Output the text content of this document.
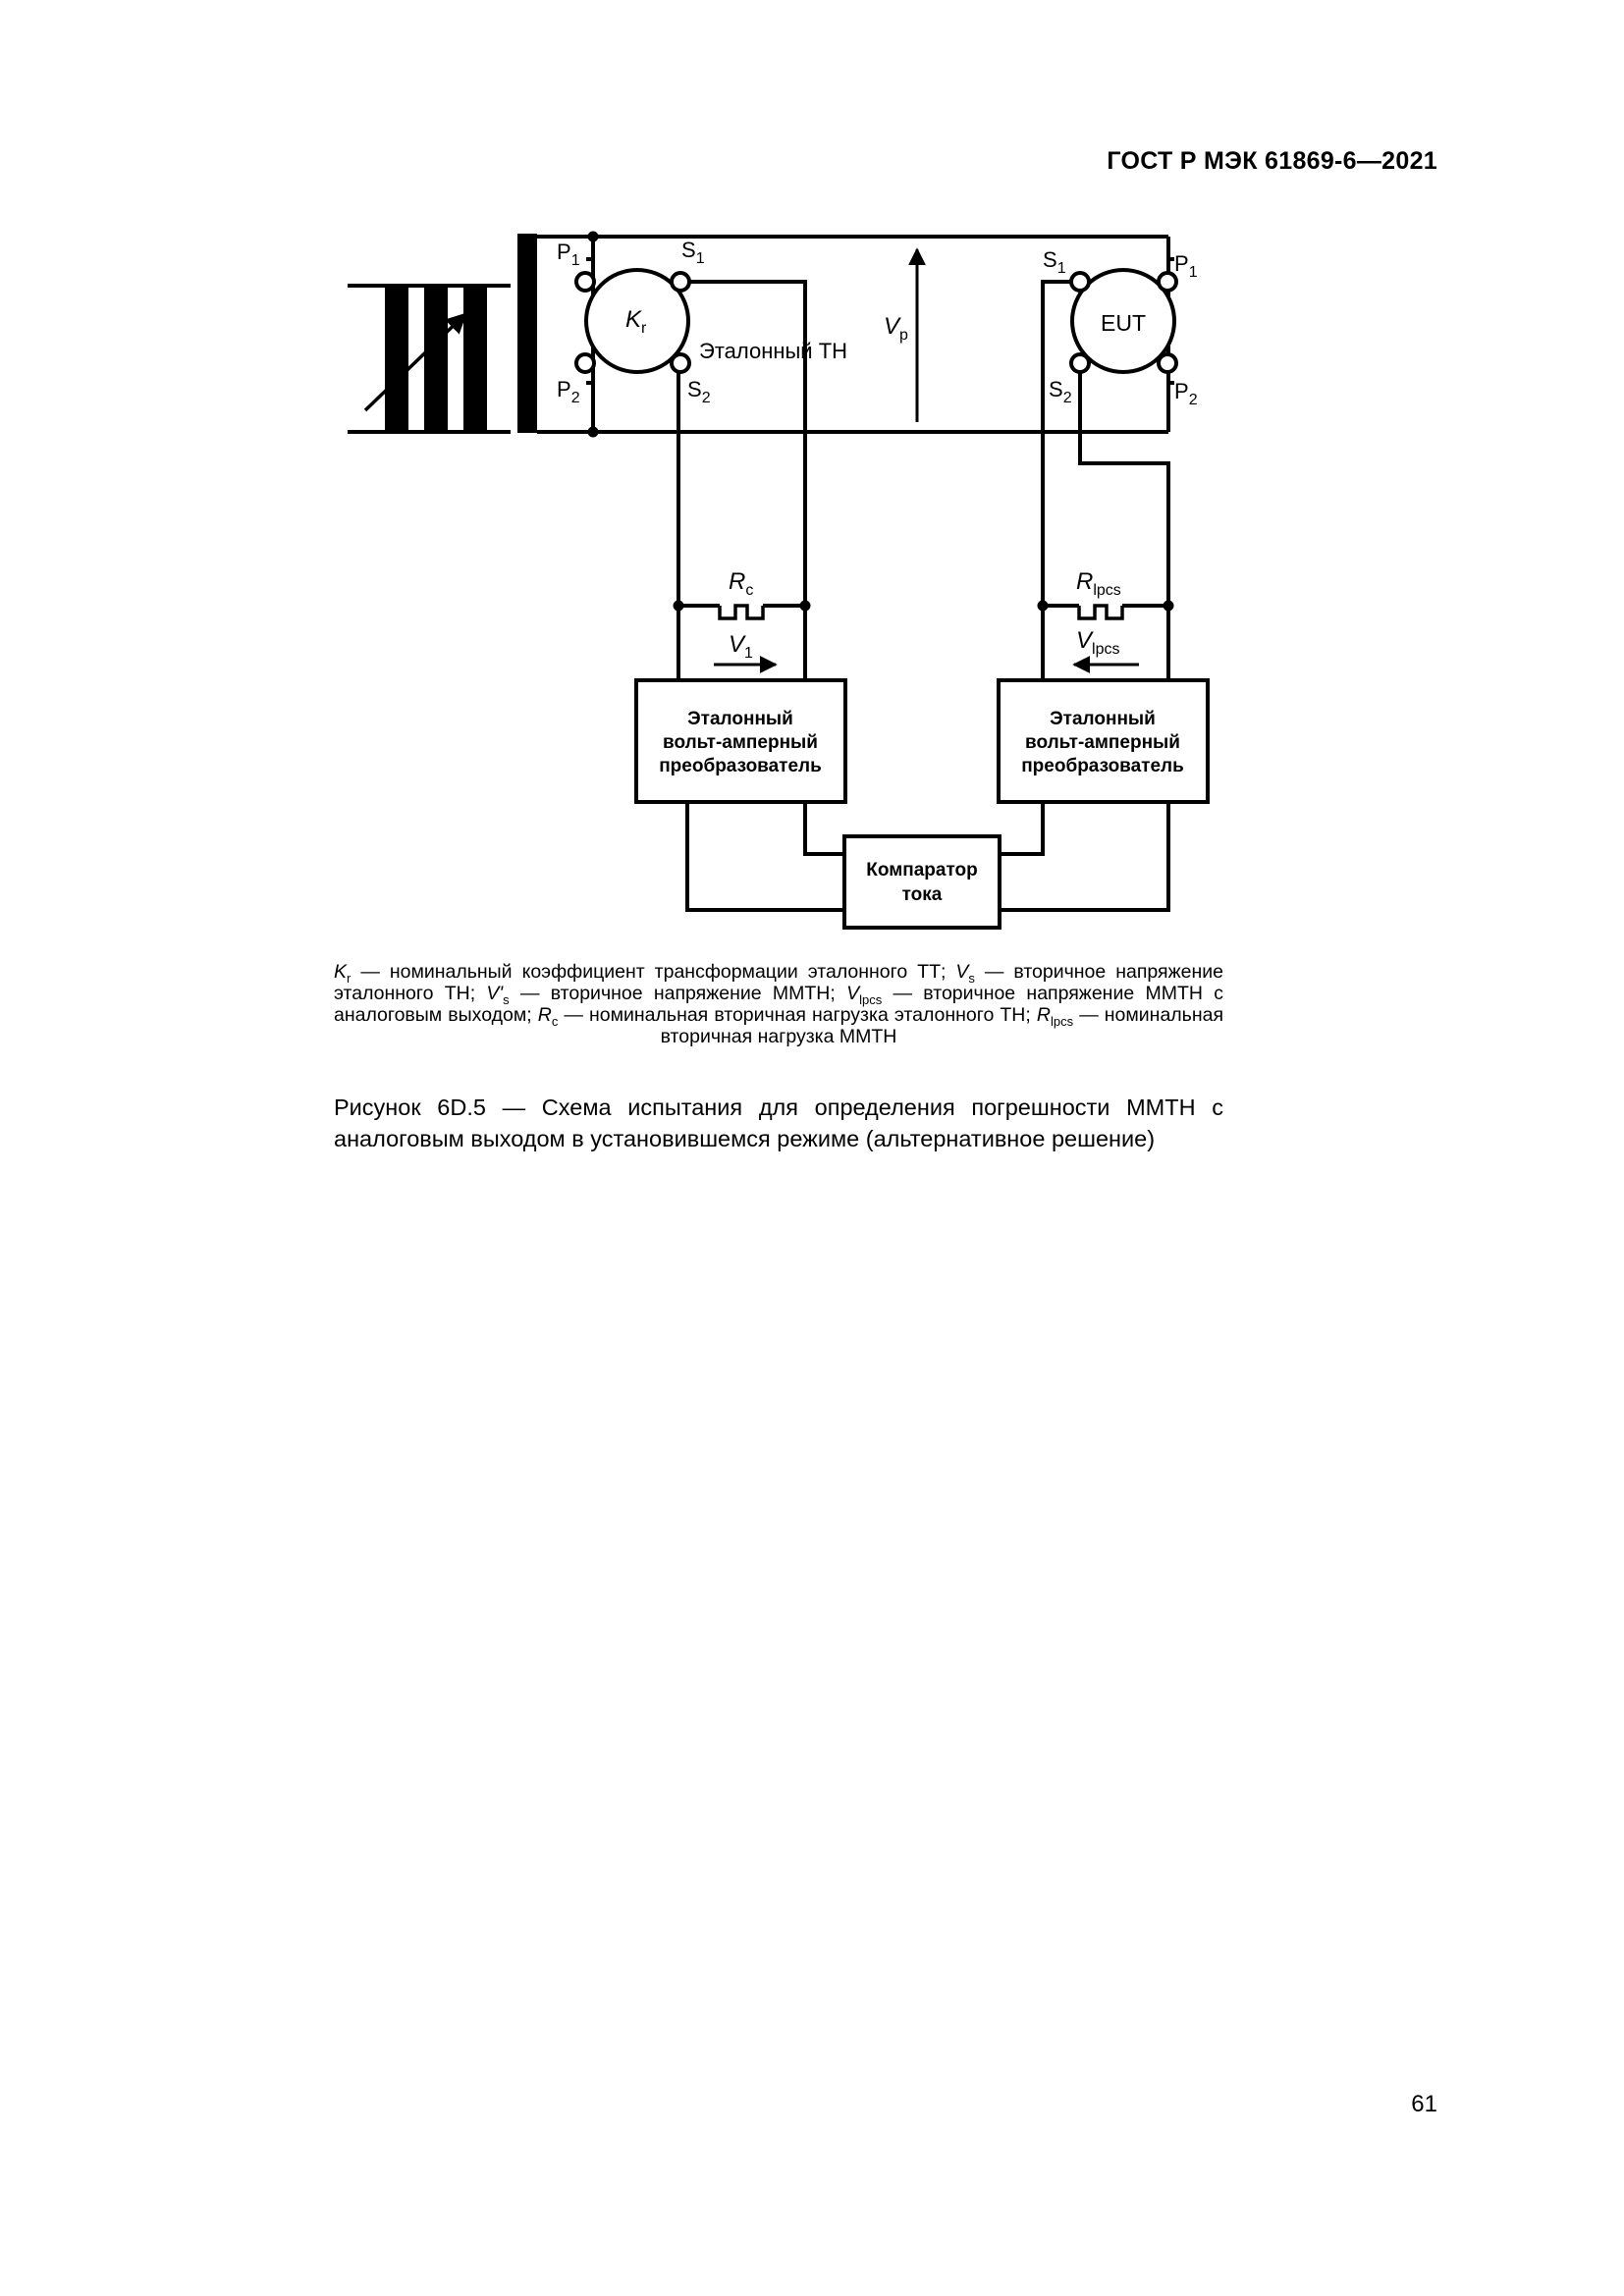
ГОСТ Р МЭК 61869-6—2021
$P_1$
$P_2$
$S_1$
$S_2$
$K_r$
Эталонный ТН
$V_p$
$S_1$	$P_1$
$S_2$	$P_2$
EUT
$R_c$	$R_{lpcs}$
$V_1$	$V_{lpcs}$
Эталонный
вольт-амперный
преобразователь
Эталонный
вольт-амперный
преобразователь
Компаратор
тока
$K_r$ — номинальный коэффициент трансформации эталонного ТТ; $V_s$ — вторичное напряжение эталонного ТН; $V'_s$ — вторичное напряжение ММТН; $V_{lpcs}$ — вторичное напряжение ММТН с аналоговым выходом; $R_c$ — номинальная вторичная нагрузка эталонного ТН; $R_{lpcs}$ — номинальная вторичная нагрузка ММТН
Рисунок 6D.5 — Схема испытания для определения погрешности ММТН с аналоговым выходом в установившемся режиме (альтернативное решение)
61
